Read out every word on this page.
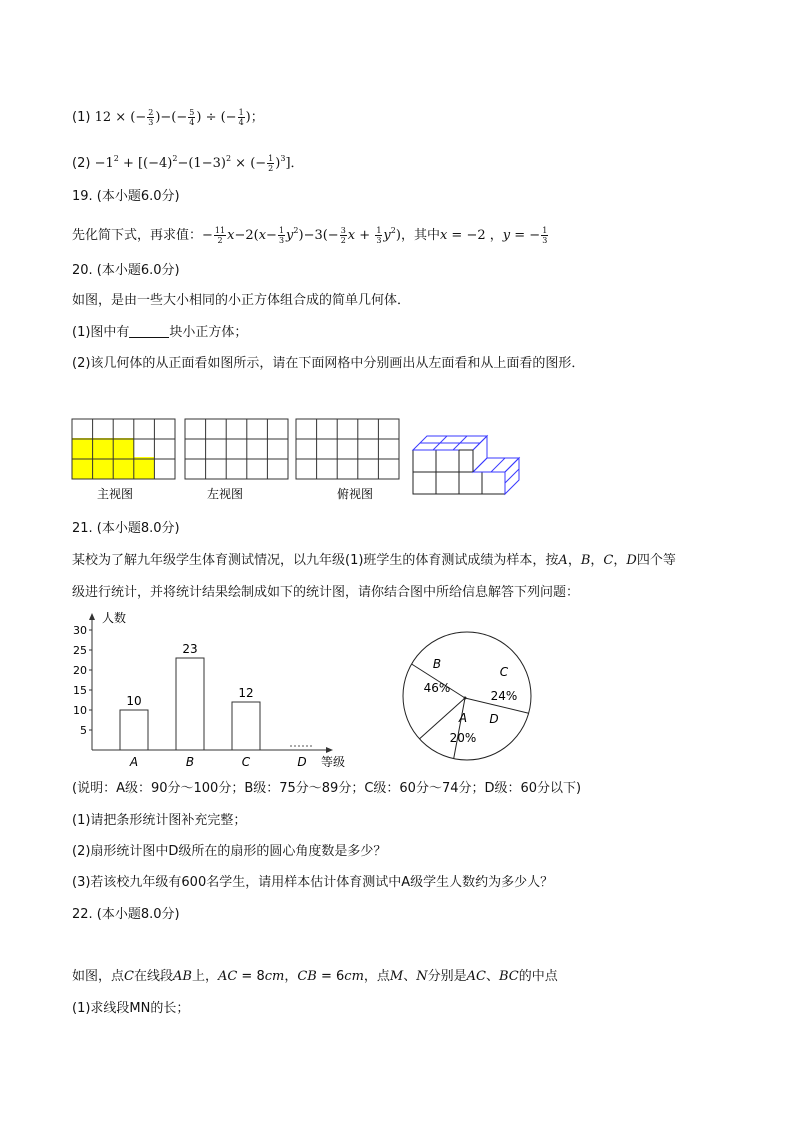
(1) 12 × (− $\frac{2}{3}$ )−(− $\frac{5}{4}$ ) ÷ (− $\frac{1}{4}$ )；
$(2) -1^2 + [(-4)^2-(1-3)^2$ × (− $\frac{1}{2} )^3$]．
19. (本小题6.0分)
先化简下式，再求值：− $\frac{11}{2} x-2(x- \frac{1}{3} y^2)-3(- \frac{3}{2}$ $x + \frac{1}{3} y^2$)，其中x = −2 ，y = − $\frac{1}{3}$
20. (本小题6.0分)
如图，是由一些大小相同的小正方体组合成的简单几何体．
(1)图中有	块小正方体；
(2)该几何体的从正面看如图所示，请在下面网格中分别画出从左面看和从上面看的图形．
主视图	左视图	俯视图
21. (本小题8.0分)
某校为了解九年级学生体育测试情况，以九年级(1)班学生的体育测试成绩为样本，按A，B，C，D四个等
级进行统计，并将统计结果绘制成如下的统计图，请你结合图中所给信息解答下列问题：
人数
等级
5
10
15
20
25
30
10
A
23
B
12
C	D
B
46%
C
24%
D
A
20%
(说明：A级：90分～100分；B级：75分～89分；C级：60分～74分；D级：60分以下)
(1)请把条形统计图补充完整；
(2)扇形统计图中D级所在的扇形的圆心角度数是多少？
(3)若该校九年级有600名学生，请用样本估计体育测试中A级学生人数约为多少人？
22. (本小题8.0分)
如图，点C在线段AB上，AC = 8cm，CB = 6cm，点M、N分别是AC、BC的中点
(1)求线段MN的长；
